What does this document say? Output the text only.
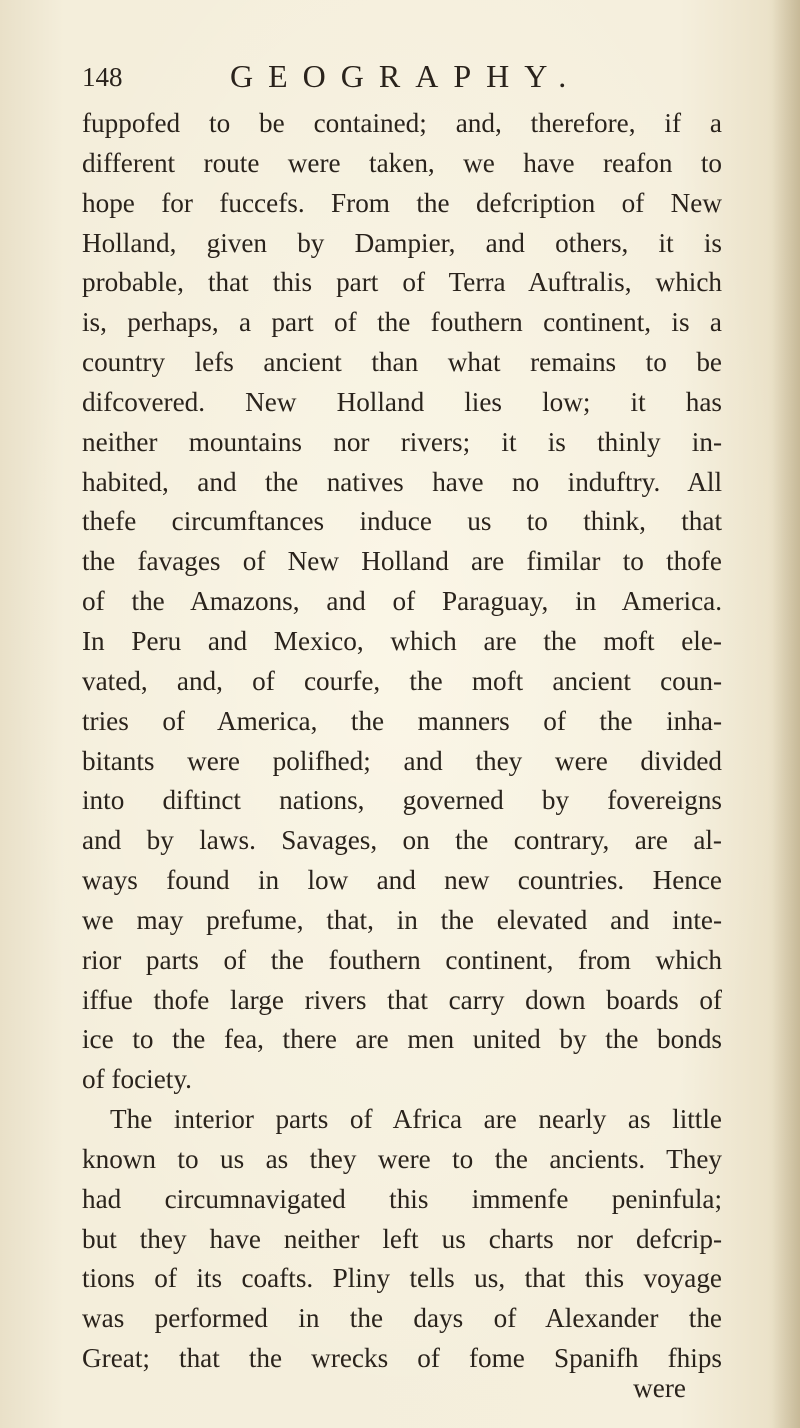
148	GEOGRAPHY.
fuppofed to be contained; and, therefore, if a
different route were taken, we have reafon to
hope for fuccefs. From the defcription of New
Holland, given by Dampier, and others, it is
probable, that this part of Terra Auftralis, which
is, perhaps, a part of the fouthern continent, is a
country lefs ancient than what remains to be
difcovered. New Holland lies low; it has
neither mountains nor rivers; it is thinly in-
habited, and the natives have no induftry. All
thefe circumftances induce us to think, that
the favages of New Holland are fimilar to thofe
of the Amazons, and of Paraguay, in America.
In Peru and Mexico, which are the moft ele-
vated, and, of courfe, the moft ancient coun-
tries of America, the manners of the inha-
bitants were polifhed; and they were divided
into diftinct nations, governed by fovereigns
and by laws. Savages, on the contrary, are al-
ways found in low and new countries. Hence
we may prefume, that, in the elevated and inte-
rior parts of the fouthern continent, from which
iffue thofe large rivers that carry down boards of
ice to the fea, there are men united by the bonds
of fociety.
The interior parts of Africa are nearly as little
known to us as they were to the ancients. They
had circumnavigated this immenfe peninfula;
but they have neither left us charts nor defcrip-
tions of its coafts. Pliny tells us, that this voyage
was performed in the days of Alexander the
Great; that the wrecks of fome Spanifh fhips
were
